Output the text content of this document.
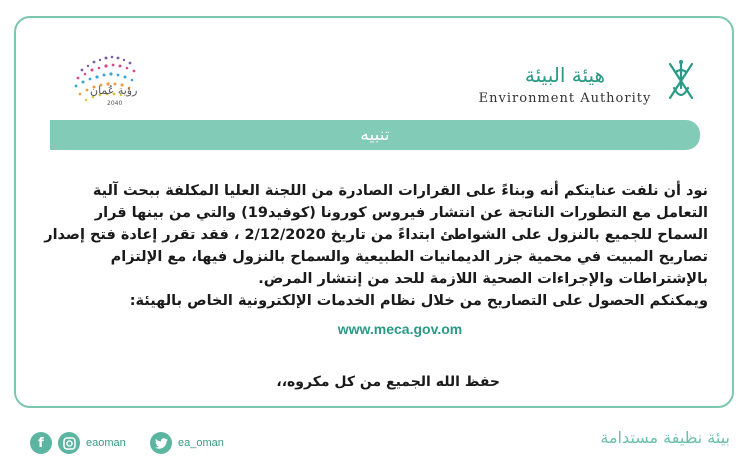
رؤية عُمان
2040
هيئة البيئة
Environment Authority
تنبيه

نود أن نلفت عنايتكم أنه وبناءً على القرارات الصادرة من اللجنة العليا المكلفة ببحث آلية التعامل مع التطورات الناتجة عن انتشار فيروس كورونا (كوفيد19) والتي من بينها قرار السماح للجميع بالنزول على الشواطئ ابتداءً من تاريخ 2/12/2020 ، فقد تقرر إعادة فتح إصدار تصاريح المبيت في محمية جزر الديمانيات الطبيعية والسماح بالنزول فيها، مع الإلتزام بالإشتراطات والإجراءات الصحية اللازمة للحد من إنتشار المرض.

ويمكنكم الحصول على التصاريح من خلال نظام الخدمات الإلكترونية الخاص بالهيئة:

www.meca.gov.om
حفظ الله الجميع من كل مكروه،،
f	eaoman	ea_oman	بيئة نظيفة مستدامة
